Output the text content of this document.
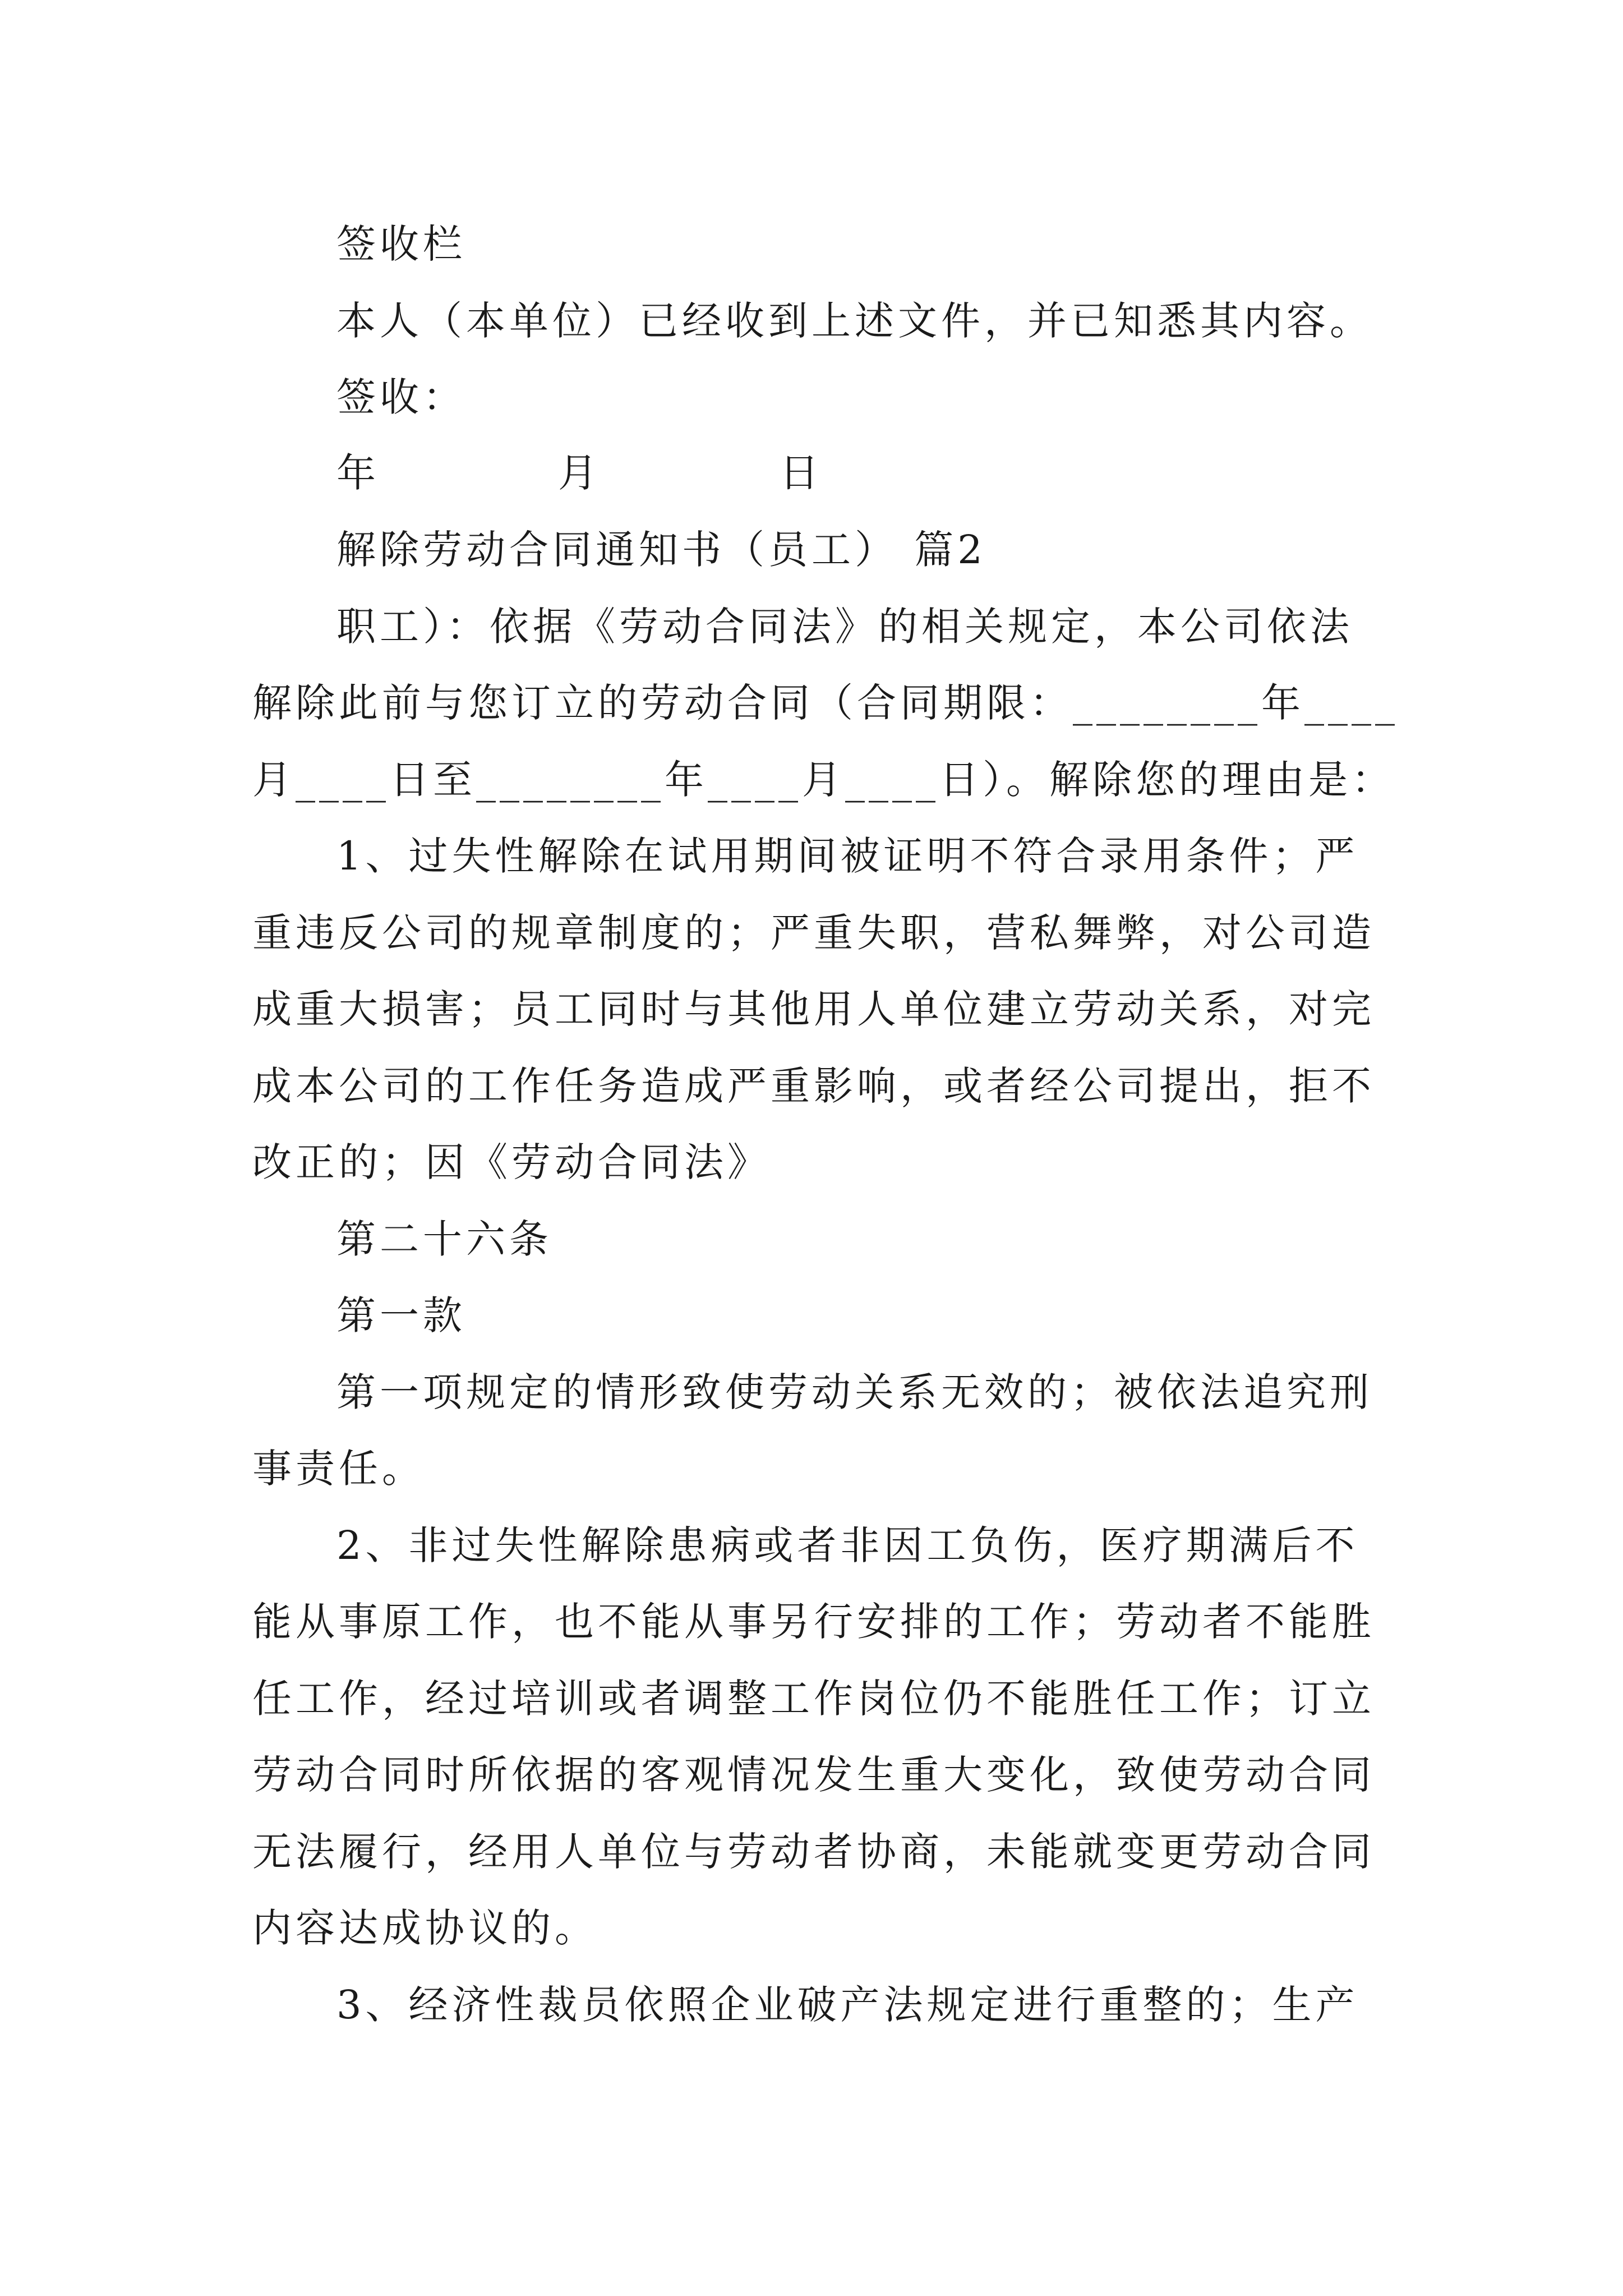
签收栏
本人（本单位）已经收到上述文件，并已知悉其内容。
签收：
年	月	日
解除劳动合同通知书（员工） 篇2
职工）：依据《劳动合同法》的相关规定，本公司依法
解除此前与您订立的劳动合同（合同期限：________年____
月____日至________年____月____日）。解除您的理由是：
1、过失性解除在试用期间被证明不符合录用条件；严
重违反公司的规章制度的；严重失职，营私舞弊，对公司造
成重大损害；员工同时与其他用人单位建立劳动关系，对完
成本公司的工作任务造成严重影响，或者经公司提出，拒不
改正的；因《劳动合同法》
第二十六条
第一款
第一项规定的情形致使劳动关系无效的；被依法追究刑
事责任。
2、非过失性解除患病或者非因工负伤，医疗期满后不
能从事原工作，也不能从事另行安排的工作；劳动者不能胜
任工作，经过培训或者调整工作岗位仍不能胜任工作；订立
劳动合同时所依据的客观情况发生重大变化，致使劳动合同
无法履行，经用人单位与劳动者协商，未能就变更劳动合同
内容达成协议的。
3、经济性裁员依照企业破产法规定进行重整的；生产
